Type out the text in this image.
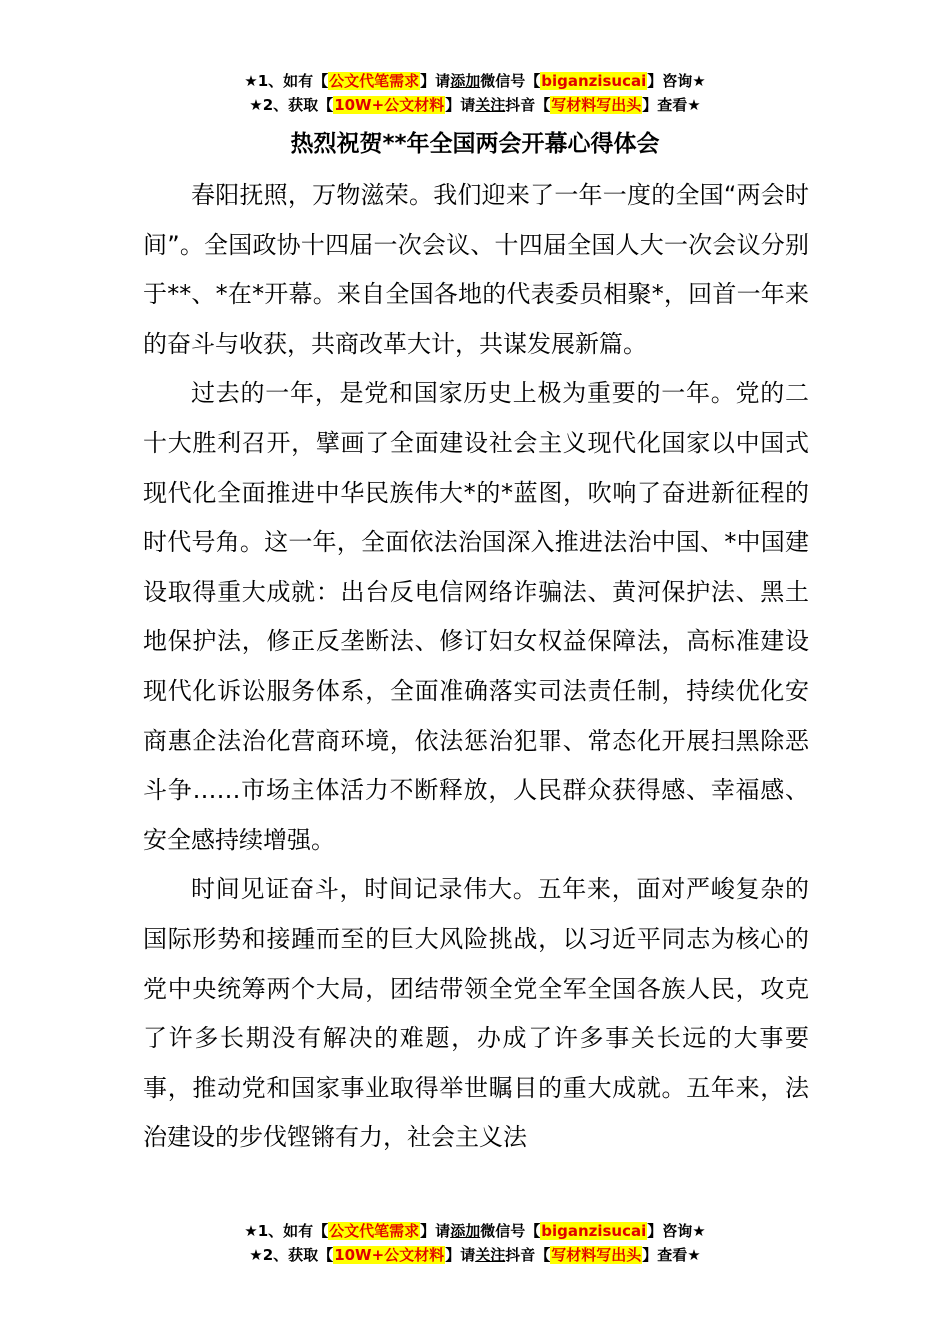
★1、如有【公文代笔需求】请添加微信号【biganzisucai】咨询★
★2、获取【10W+公文材料】请关注抖音【写材料写出头】查看★
热烈祝贺**年全国两会开幕心得体会

春阳抚照，万物滋荣。我们迎来了一年一度的全国“两会时间”。全国政协十四届一次会议、十四届全国人大一次会议分别于**、*在*开幕。来自全国各地的代表委员相聚*，回首一年来的奋斗与收获，共商改革大计，共谋发展新篇。

过去的一年，是党和国家历史上极为重要的一年。党的二十大胜利召开，擘画了全面建设社会主义现代化国家以中国式现代化全面推进中华民族伟大*的*蓝图，吹响了奋进新征程的时代号角。这一年，全面依法治国深入推进法治中国、*中国建设取得重大成就：出台反电信网络诈骗法、黄河保护法、黑土地保护法，修正反垄断法、修订妇女权益保障法，高标准建设现代化诉讼服务体系，全面准确落实司法责任制，持续优化安商惠企法治化营商环境，依法惩治犯罪、常态化开展扫黑除恶斗争……市场主体活力不断释放，人民群众获得感、幸福感、安全感持续增强。

时间见证奋斗，时间记录伟大。五年来，面对严峻复杂的国际形势和接踵而至的巨大风险挑战，以习近平同志为核心的党中央统筹两个大局，团结带领全党全军全国各族人民，攻克了许多长期没有解决的难题，办成了许多事关长远的大事要事，推动党和国家事业取得举世瞩目的重大成就。五年来，法治建设的步伐铿锵有力，社会主义法

★1、如有【公文代笔需求】请添加微信号【biganzisucai】咨询★
★2、获取【10W+公文材料】请关注抖音【写材料写出头】查看★
